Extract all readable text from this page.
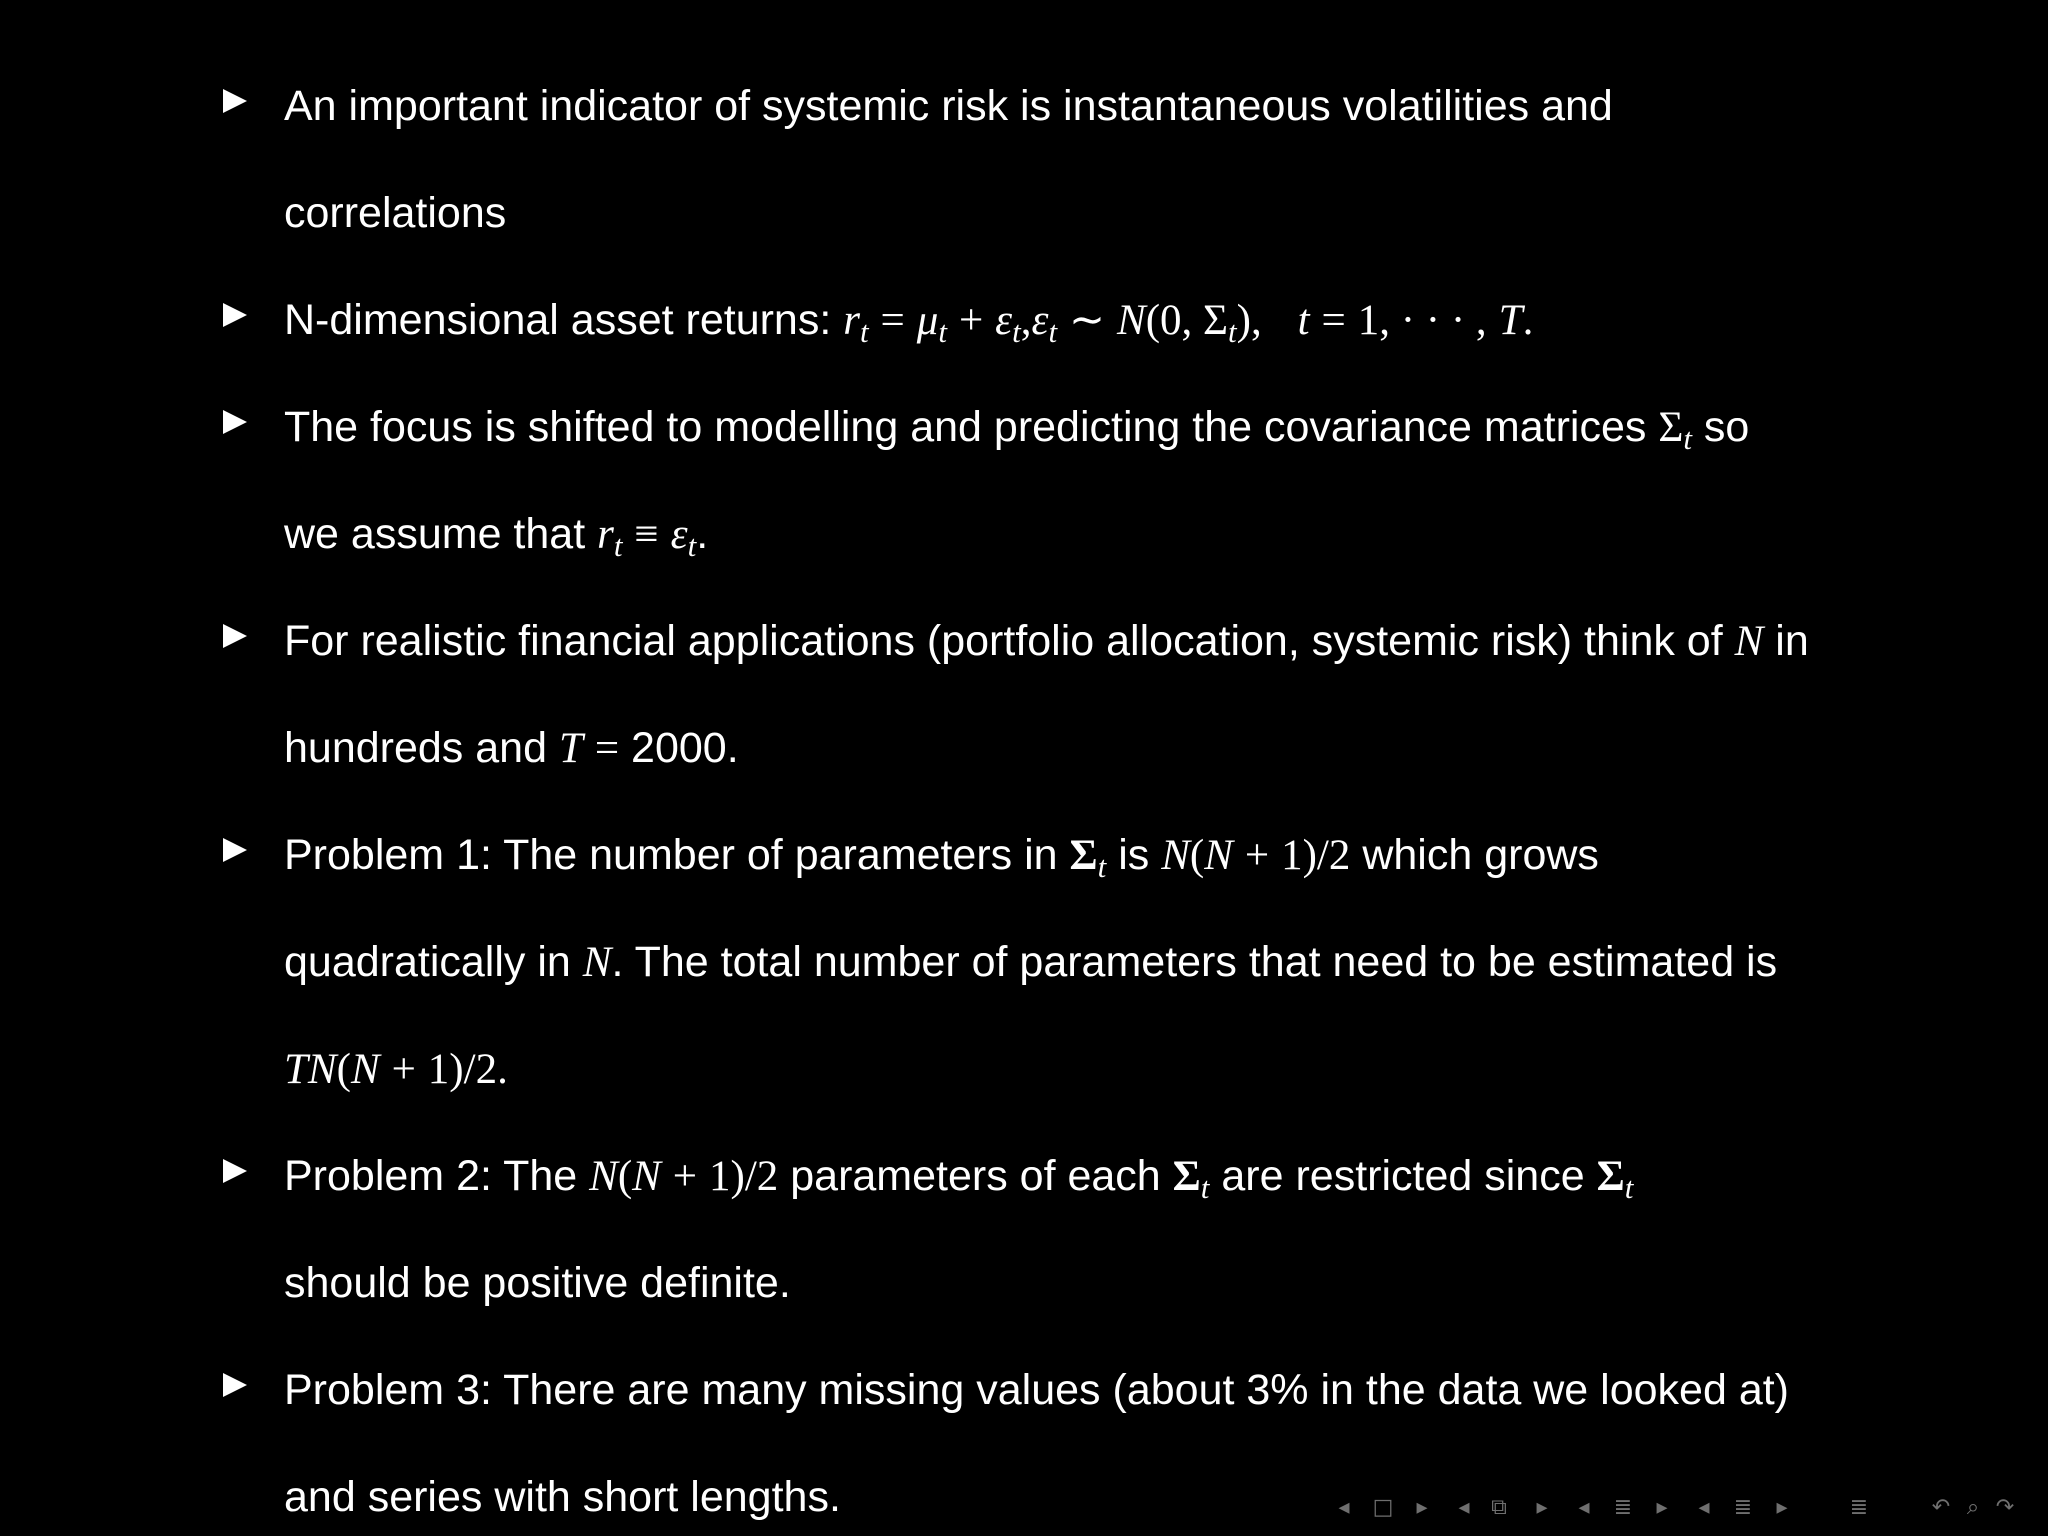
An important indicator of systemic risk is instantaneous volatilities and
correlations
N-dimensional asset returns: $r_t = \mu_t + \varepsilon_t,\varepsilon_t$ ∼ N(0, $\Sigma_t$), t = 1, · · · , T.
The focus is shifted to modelling and predicting the covariance matrices $\Sigma_t$ so
we assume that $r_t \equiv \varepsilon_t$.
For realistic financial applications (portfolio allocation, systemic risk) think of N in
hundreds and T = 2000.
Problem 1: The number of parameters in $\Sigma_t$ is N(N + 1)/2 which grows
quadratically in N. The total number of parameters that need to be estimated is
TN(N + 1)/2.
Problem 2: The N(N + 1)/2 parameters of each $\Sigma_t$ are restricted since $\Sigma_t$
should be positive definite.
Problem 3: There are many missing values (about 3% in the data we looked at)
and series with short lengths.	◂ □ ▸ ◂ ⧉	▸ ◂ ≣ ▸ ◂ ≣ ▸	≣	↶ ⌕ ↷
